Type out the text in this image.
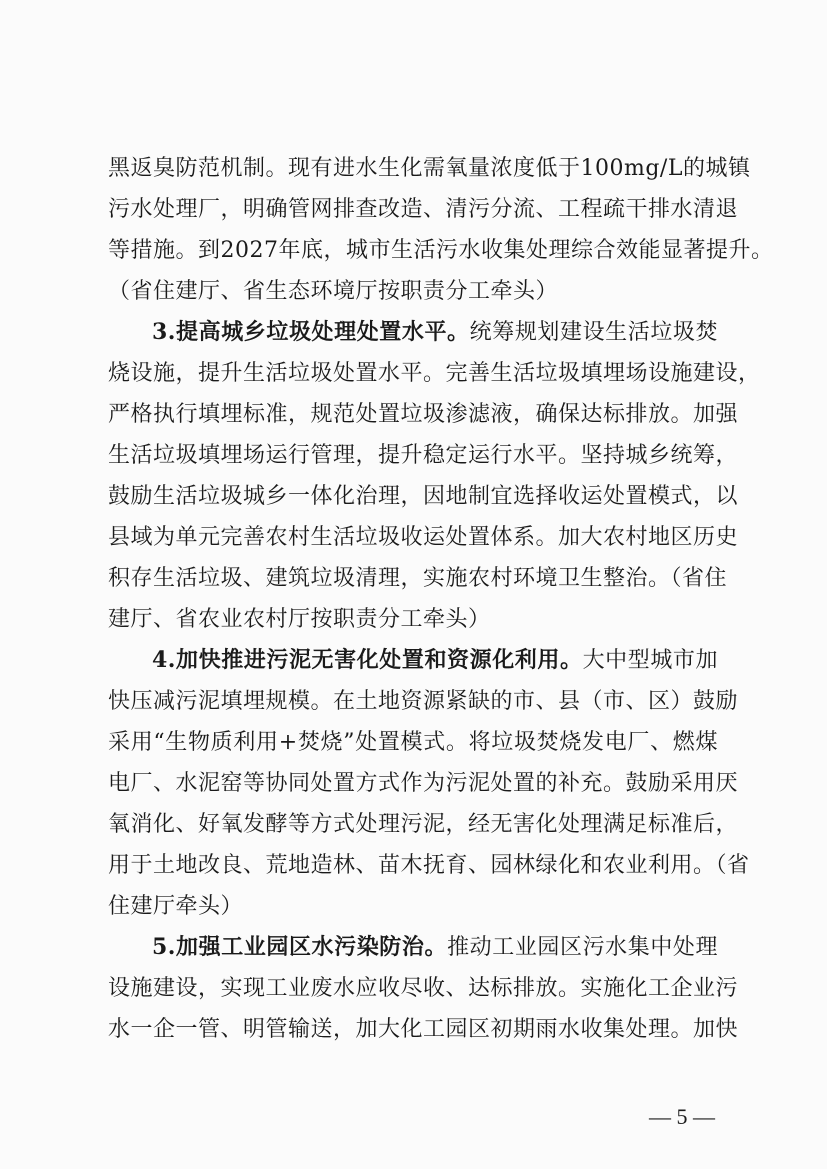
黑返臭防范机制。现有进水生化需氧量浓度低于100mg/L的城镇
污水处理厂，明确管网排查改造、清污分流、工程疏干排水清退
等措施。到2027年底，城市生活污水收集处理综合效能显著提升。
（省住建厅、省生态环境厅按职责分工牵头）
3.提高城乡垃圾处理处置水平。统筹规划建设生活垃圾焚
烧设施，提升生活垃圾处置水平。完善生活垃圾填埋场设施建设，
严格执行填埋标准，规范处置垃圾渗滤液，确保达标排放。加强
生活垃圾填埋场运行管理，提升稳定运行水平。坚持城乡统筹，
鼓励生活垃圾城乡一体化治理，因地制宜选择收运处置模式，以
县域为单元完善农村生活垃圾收运处置体系。加大农村地区历史
积存生活垃圾、建筑垃圾清理，实施农村环境卫生整治。（省住
建厅、省农业农村厅按职责分工牵头）
4.加快推进污泥无害化处置和资源化利用。大中型城市加
快压减污泥填埋规模。在土地资源紧缺的市、县（市、区）鼓励
采用“生物质利用+焚烧”处置模式。将垃圾焚烧发电厂、燃煤
电厂、水泥窑等协同处置方式作为污泥处置的补充。鼓励采用厌
氧消化、好氧发酵等方式处理污泥，经无害化处理满足标准后，
用于土地改良、荒地造林、苗木抚育、园林绿化和农业利用。（省
住建厅牵头）
5.加强工业园区水污染防治。推动工业园区污水集中处理
设施建设，实现工业废水应收尽收、达标排放。实施化工企业污
水一企一管、明管输送，加大化工园区初期雨水收集处理。加快
— 5 —
